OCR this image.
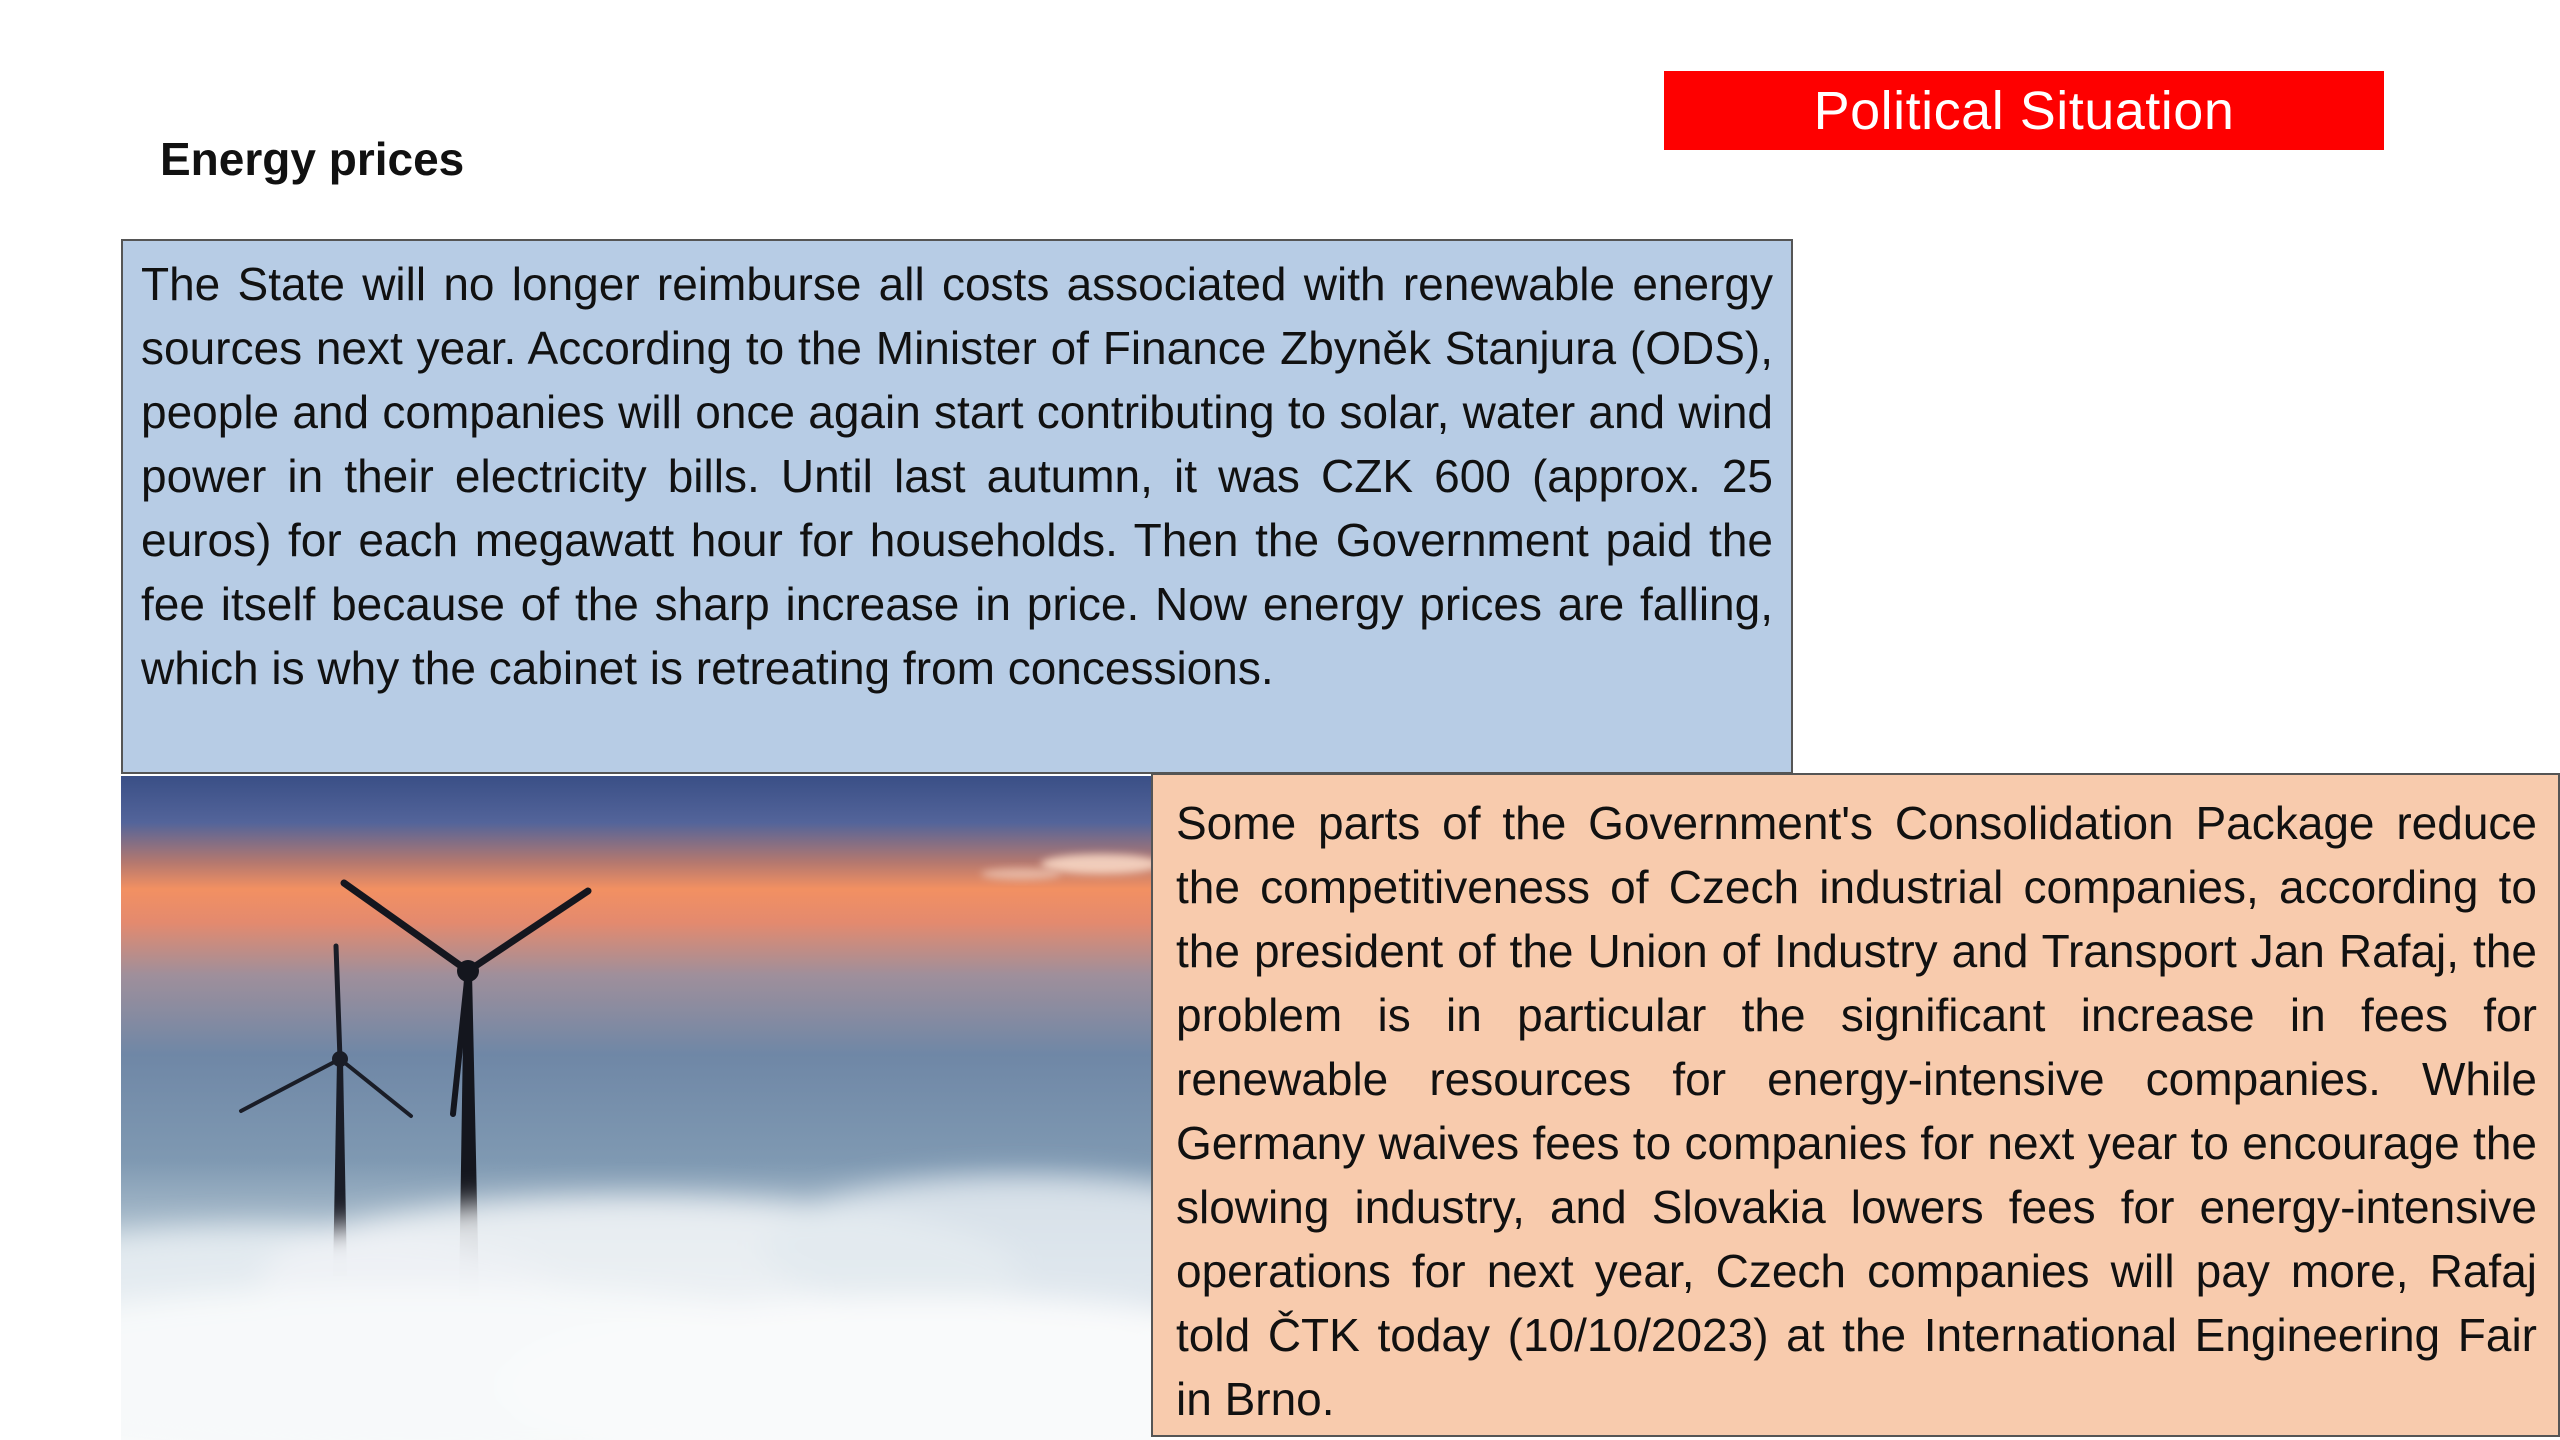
Political Situation
Energy prices
The State will no longer reimburse all costs associated with renewable energy sources next year. According to the Minister of Finance Zbyněk Stanjura (ODS), people and companies will once again start contributing to solar, water and wind power in their electricity bills. Until last autumn, it was CZK 600 (approx. 25 euros) for each megawatt hour for households. Then the Government paid the fee itself because of the sharp increase in price. Now energy prices are falling, which is why the cabinet is retreating from concessions.
Some parts of the Government's Consolidation Package reduce the competitiveness of Czech industrial companies, according to the president of the Union of Industry and Transport Jan Rafaj, the problem is in particular the significant increase in fees for renewable resources for energy-intensive companies. While Germany waives fees to companies for next year to encourage the slowing industry, and Slovakia lowers fees for energy-intensive operations for next year, Czech companies will pay more, Rafaj told ČTK today (10/10/2023) at the International Engineering Fair in Brno.
